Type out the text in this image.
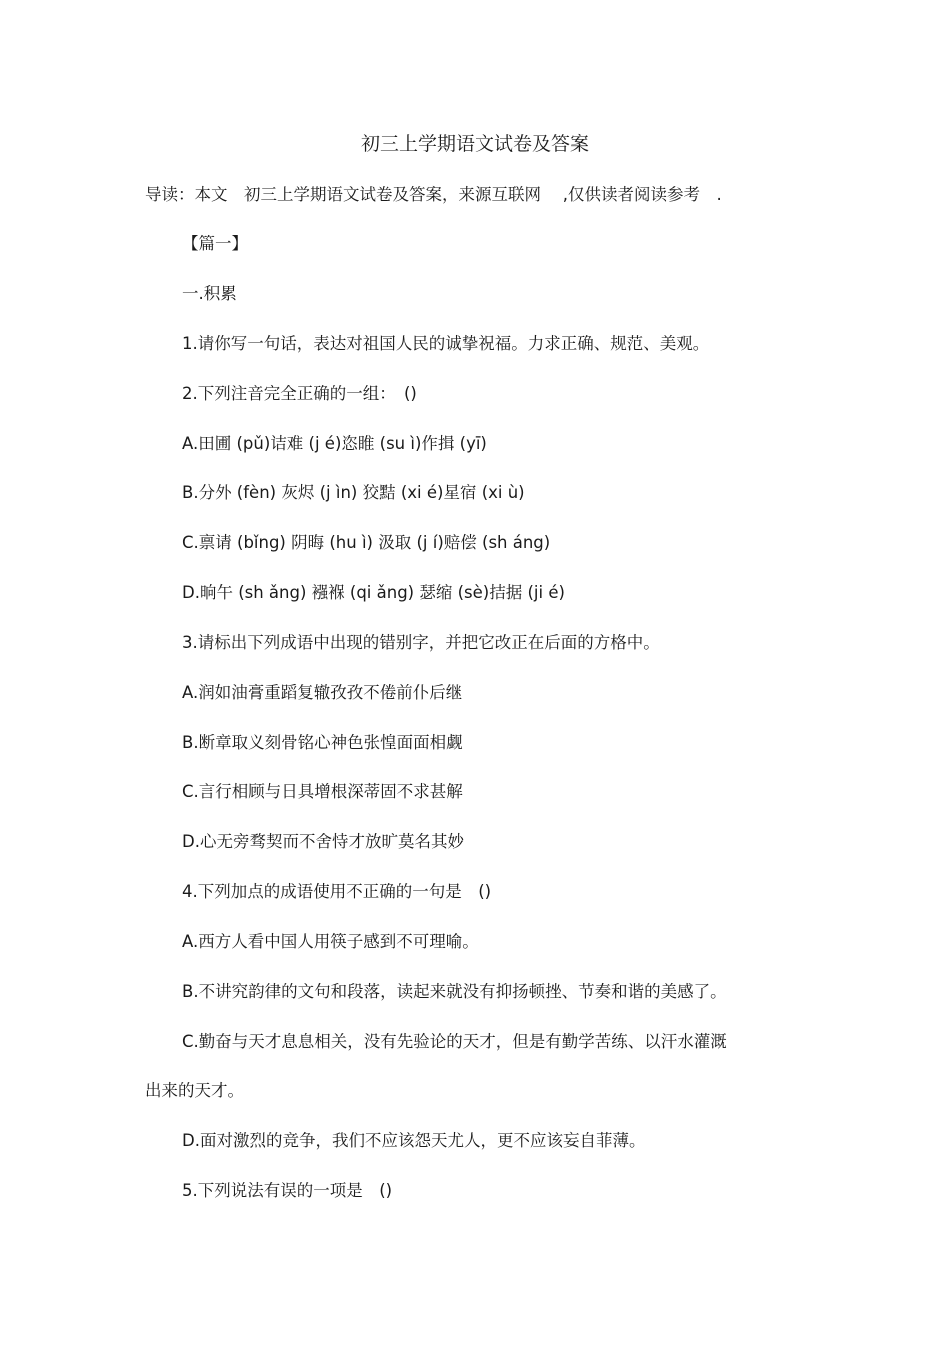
初三上学期语文试卷及答案

导读：本文　初三上学期语文试卷及答案，来源互联网　 ,仅供读者阅读参考　.

【篇一】

一.积累

1.请你写一句话，表达对祖国人民的诚挚祝福。力求正确、规范、美观。

2.下列注音完全正确的一组：　()

A.田圃 (pǔ)诘难 (j é)恣睢 (su ì)作揖 (yī)

B.分外 (fèn) 灰烬 (j ìn) 狡黠 (xi é)星宿 (xi ù)

C.禀请 (bǐng) 阴晦 (hu ì) 汲取 (j í)赔偿 (sh áng)

D.晌午 (sh ǎng) 襁褓 (qi ǎng) 瑟缩 (sè)拮据 (ji é)

3.请标出下列成语中出现的错别字，并把它改正在后面的方格中。

A.润如油膏重蹈复辙孜孜不倦前仆后继

B.断章取义刻骨铭心神色张惶面面相觑

C.言行相顾与日具增根深蒂固不求甚解

D.心无旁骛契而不舍恃才放旷莫名其妙

4.下列加点的成语使用不正确的一句是　()

A.西方人看中国人用筷子感到不可理喻。

B.不讲究韵律的文句和段落，读起来就没有抑扬顿挫、节奏和谐的美感了。

C.勤奋与天才息息相关，没有先验论的天才，但是有勤学苦练、以汗水灌溉

出来的天才。

D.面对激烈的竞争，我们不应该怨天尤人，更不应该妄自菲薄。

5.下列说法有误的一项是　()
